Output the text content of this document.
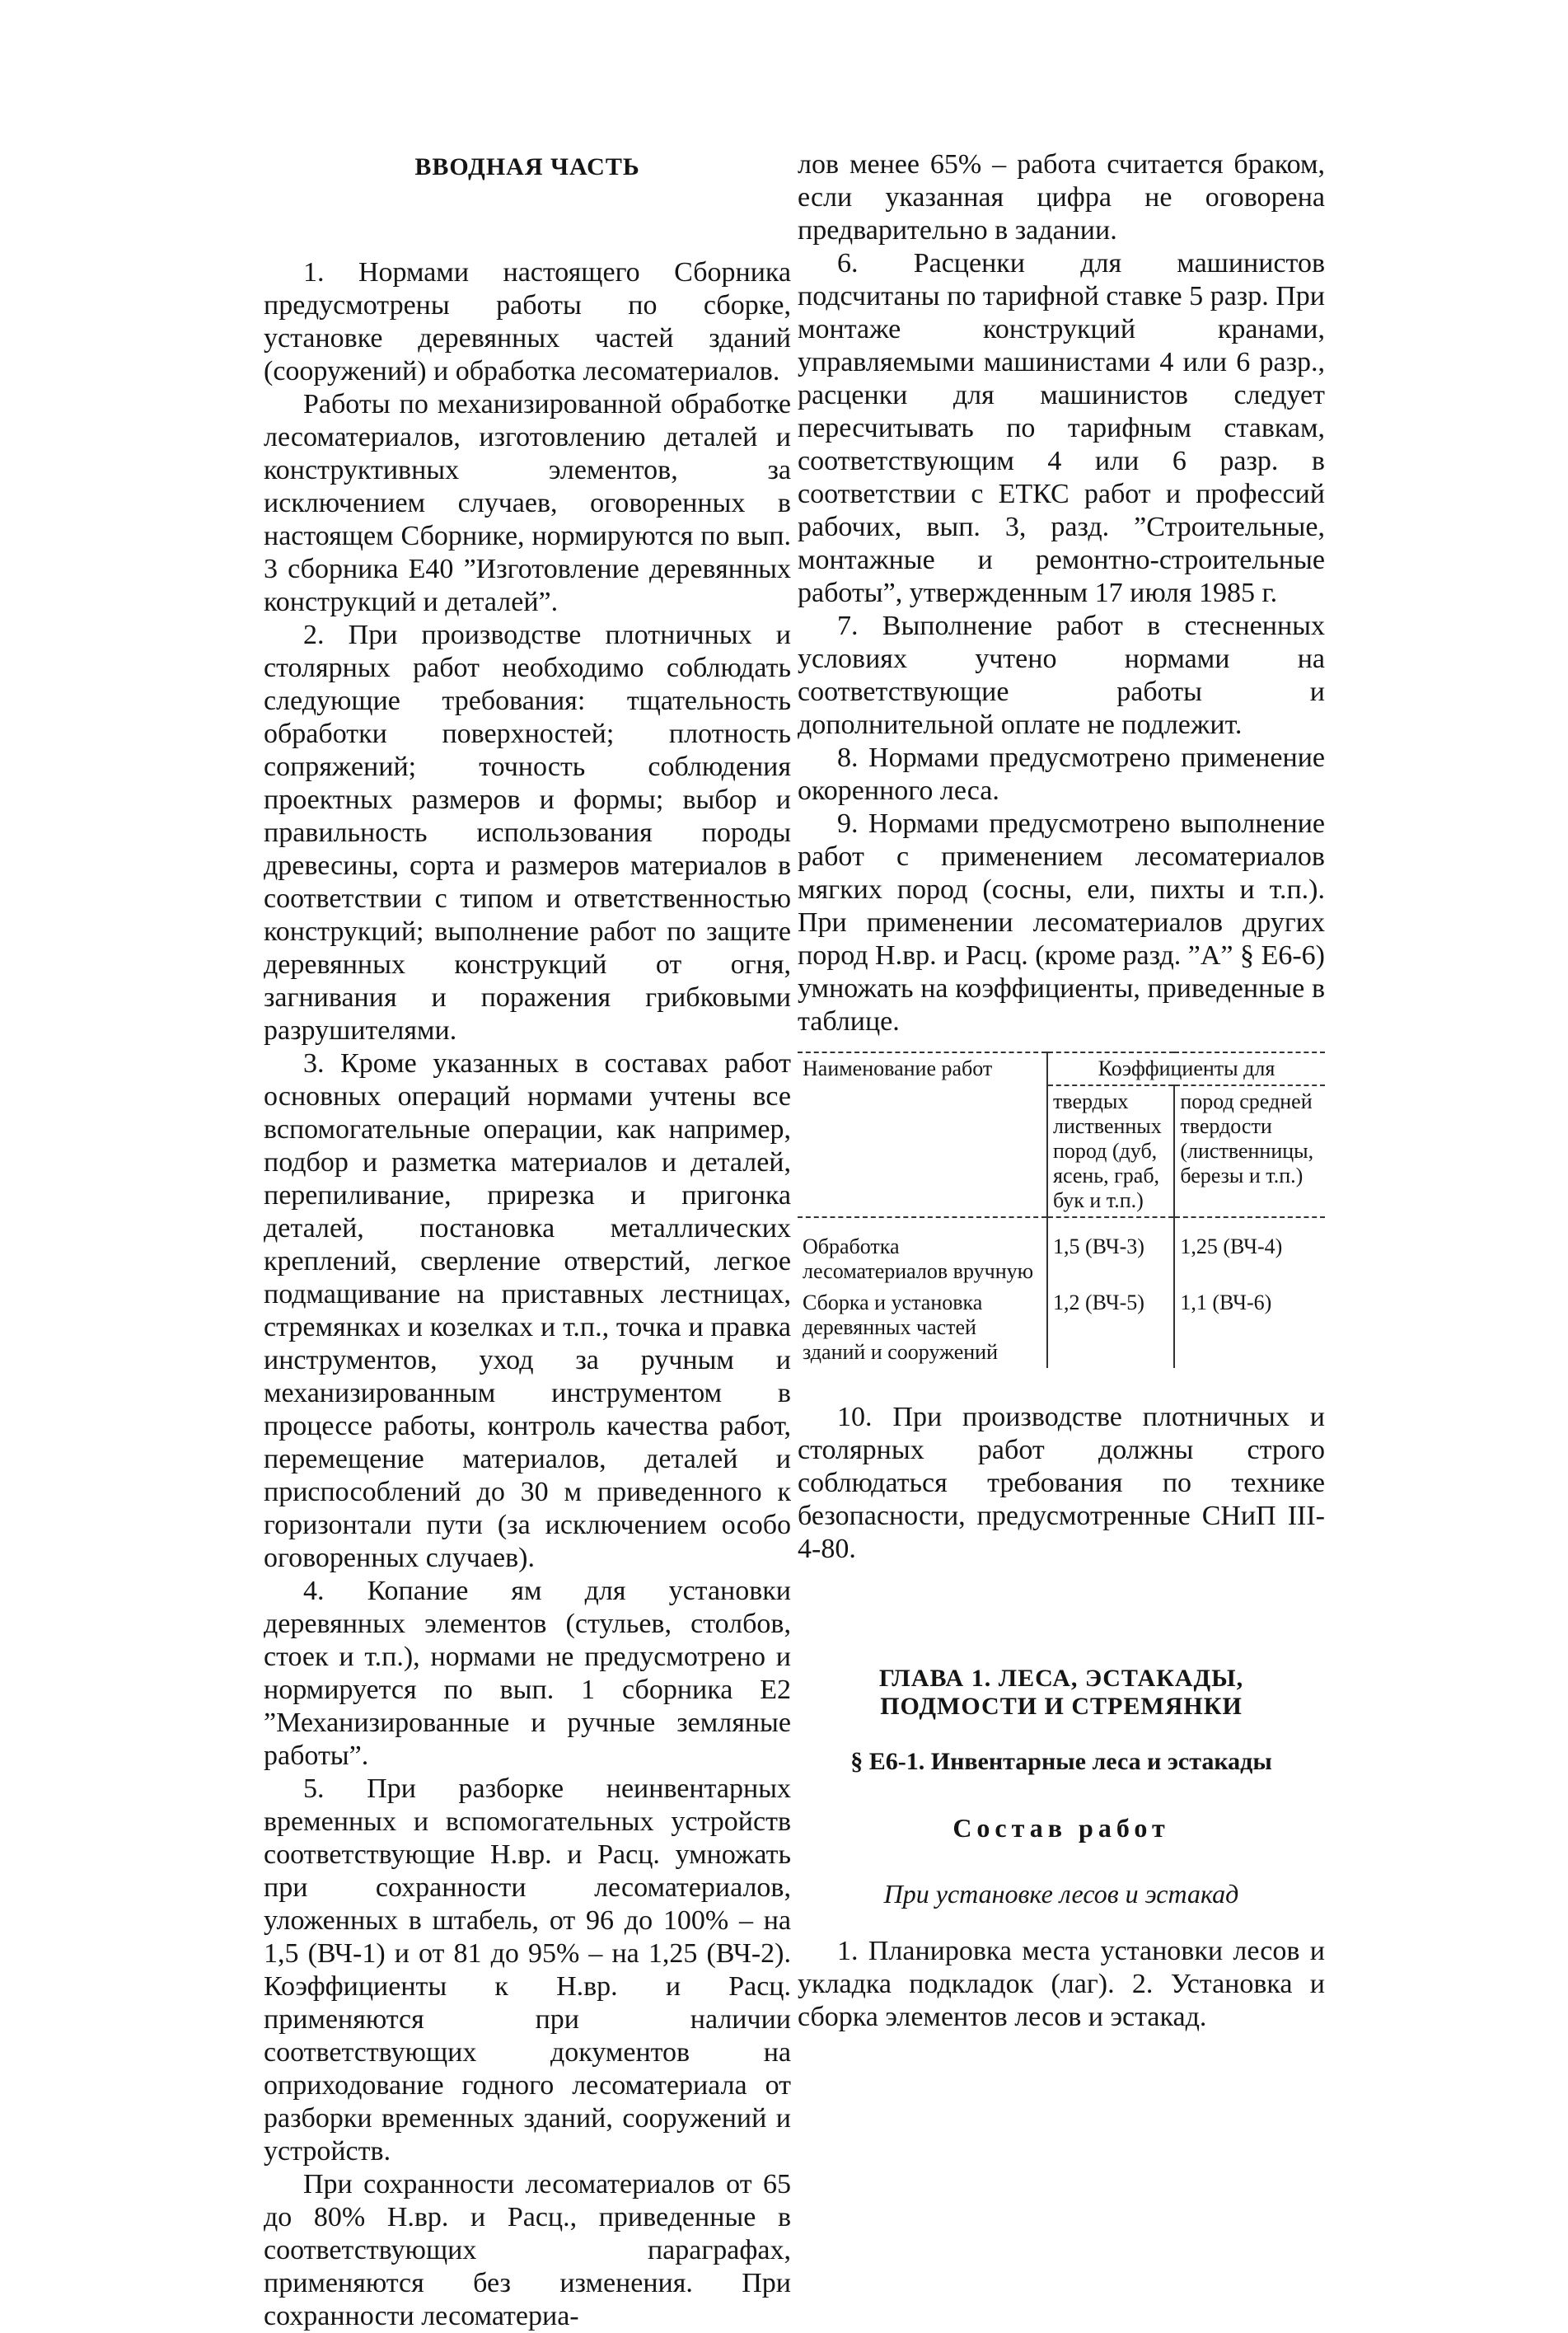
ВВОДНАЯ ЧАСТЬ

1. Нормами настоящего Сборника предусмотрены работы по сборке, установке деревянных частей зданий (сооружений) и обработка лесоматериалов.

Работы по механизированной обработке лесоматериалов, изготовлению деталей и конструктивных элементов, за исключением случаев, оговоренных в настоящем Сборнике, нормируются по вып. 3 сборника Е40 ”Изготовление деревянных конструкций и деталей”.

2. При производстве плотничных и столярных работ необходимо соблюдать следующие требования: тщательность обработки поверхностей; плотность сопряжений; точность соблюдения проектных размеров и формы; выбор и правильность использования породы древесины, сорта и размеров материалов в соответствии с типом и ответственностью конструкций; выполнение работ по защите деревянных конструкций от огня, загнивания и поражения грибковыми разрушителями.

3. Кроме указанных в составах работ основных операций нормами учтены все вспомогательные операции, как например, подбор и разметка материалов и деталей, перепиливание, прирезка и пригонка деталей, постановка металлических креплений, сверление отверстий, легкое подмащивание на приставных лестницах, стремянках и козелках и т.п., точка и правка инструментов, уход за ручным и механизированным инструментом в процессе работы, контроль качества работ, перемещение материалов, деталей и приспособлений до 30 м приведенного к горизонтали пути (за исключением особо оговоренных случаев).

4. Копание ям для установки деревянных элементов (стульев, столбов, стоек и т.п.), нормами не предусмотрено и нормируется по вып. 1 сборника Е2 ”Механизированные и ручные земляные работы”.

5. При разборке неинвентарных временных и вспомогательных устройств соответствующие Н.вр. и Расц. умножать при сохранности лесоматериалов, уложенных в штабель, от 96 до 100% – на 1,5 (ВЧ-1) и от 81 до 95% – на 1,25 (ВЧ-2). Коэффициенты к Н.вр. и Расц. применяются при наличии соответствующих документов на оприходование годного лесоматериала от разборки временных зданий, сооружений и устройств.

При сохранности лесоматериалов от 65 до 80% Н.вр. и Расц., приведенные в соответствующих параграфах, применяются без изменения. При сохранности лесоматериа-

лов менее 65% – работа считается браком, если указанная цифра не оговорена предварительно в задании.

6. Расценки для машинистов подсчитаны по тарифной ставке 5 разр. При монтаже конструкций кранами, управляемыми машинистами 4 или 6 разр., расценки для машинистов следует пересчитывать по тарифным ставкам, соответствующим 4 или 6 разр. в соответствии с ЕТКС работ и профессий рабочих, вып. 3, разд. ”Строительные, монтажные и ремонтно-строительные работы”, утвержденным 17 июля 1985 г.

7. Выполнение работ в стесненных условиях учтено нормами на соответствующие работы и дополнительной оплате не подлежит.

8. Нормами предусмотрено применение окоренного леса.

9. Нормами предусмотрено выполнение работ с применением лесоматериалов мягких пород (сосны, ели, пихты и т.п.). При применении лесоматериалов других пород Н.вр. и Расц. (кроме разд. ”А” § Е6-6) умножать на коэффициенты, приведенные в таблице.

Наименование работ	Коэффициенты для	
	твердых лиственных пород (дуб, ясень, граб, бук и т.п.)	пород средней твердости (лиственницы, березы и т.п.)
Обработка лесоматериалов вручную	1,5 (ВЧ-3)	1,25 (ВЧ-4)
Сборка и установка деревянных частей зданий и сооружений	1,2 (ВЧ-5)	1,1 (ВЧ-6)

10. При производстве плотничных и столярных работ должны строго соблюдаться требования по технике безопасности, предусмотренные СНиП III-4-80.

ГЛАВА 1. ЛЕСА, ЭСТАКАДЫ, ПОДМОСТИ И СТРЕМЯНКИ
§ Е6-1. Инвентарные леса и эстакады
Состав работ
При установке лесов и эстакад

1. Планировка места установки лесов и укладка подкладок (лаг). 2. Установка и сборка элементов лесов и эстакад.
